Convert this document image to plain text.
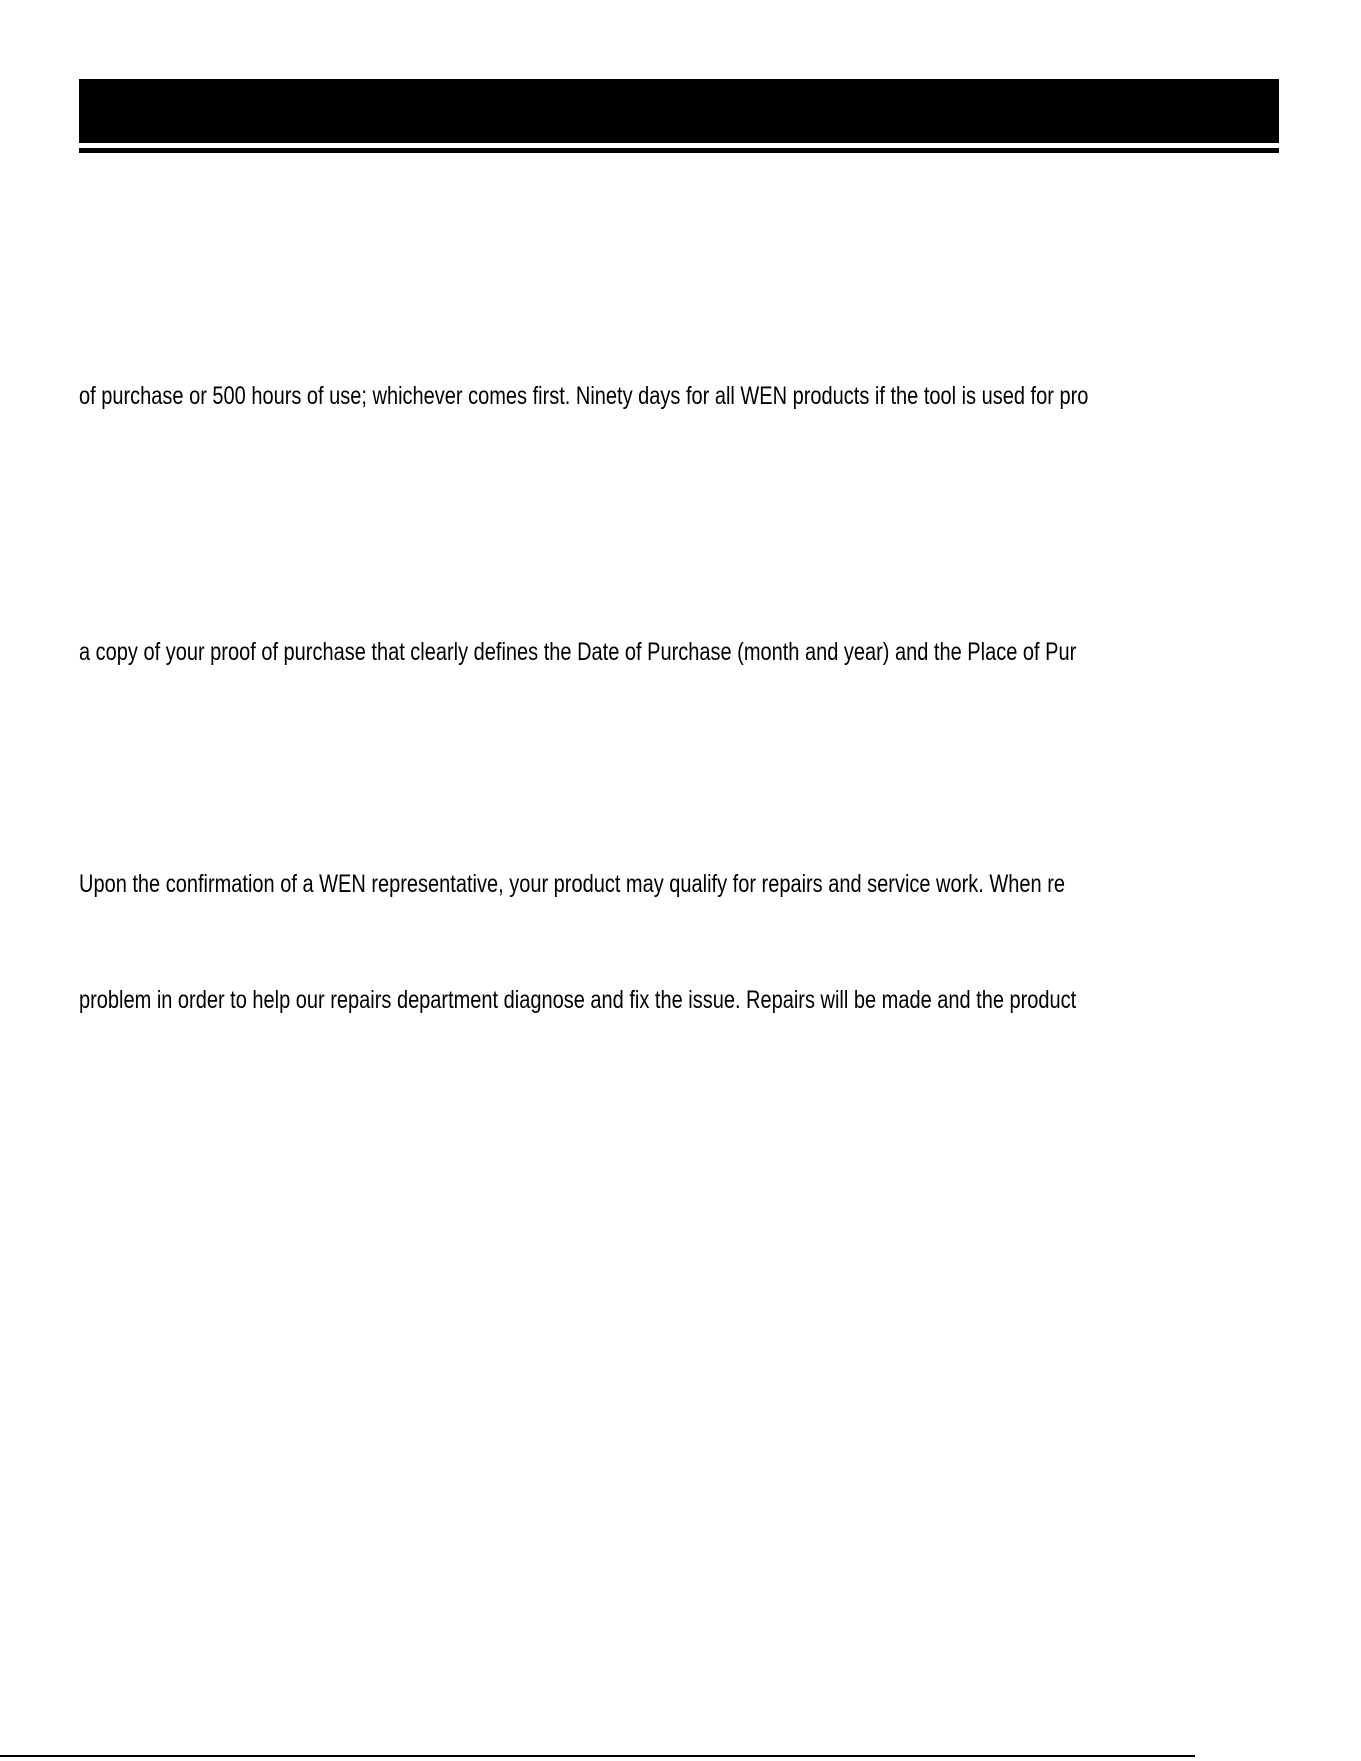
of purchase or 500 hours of use; whichever comes first. Ninety days for all WEN products if the tool is used for pro

a copy of your proof of purchase that clearly defines the Date of Purchase (month and year) and the Place of Pur

Upon the confirmation of a WEN representative, your product may qualify for repairs and service work. When re

problem in order to help our repairs department diagnose and fix the issue. Repairs will be made and the product
